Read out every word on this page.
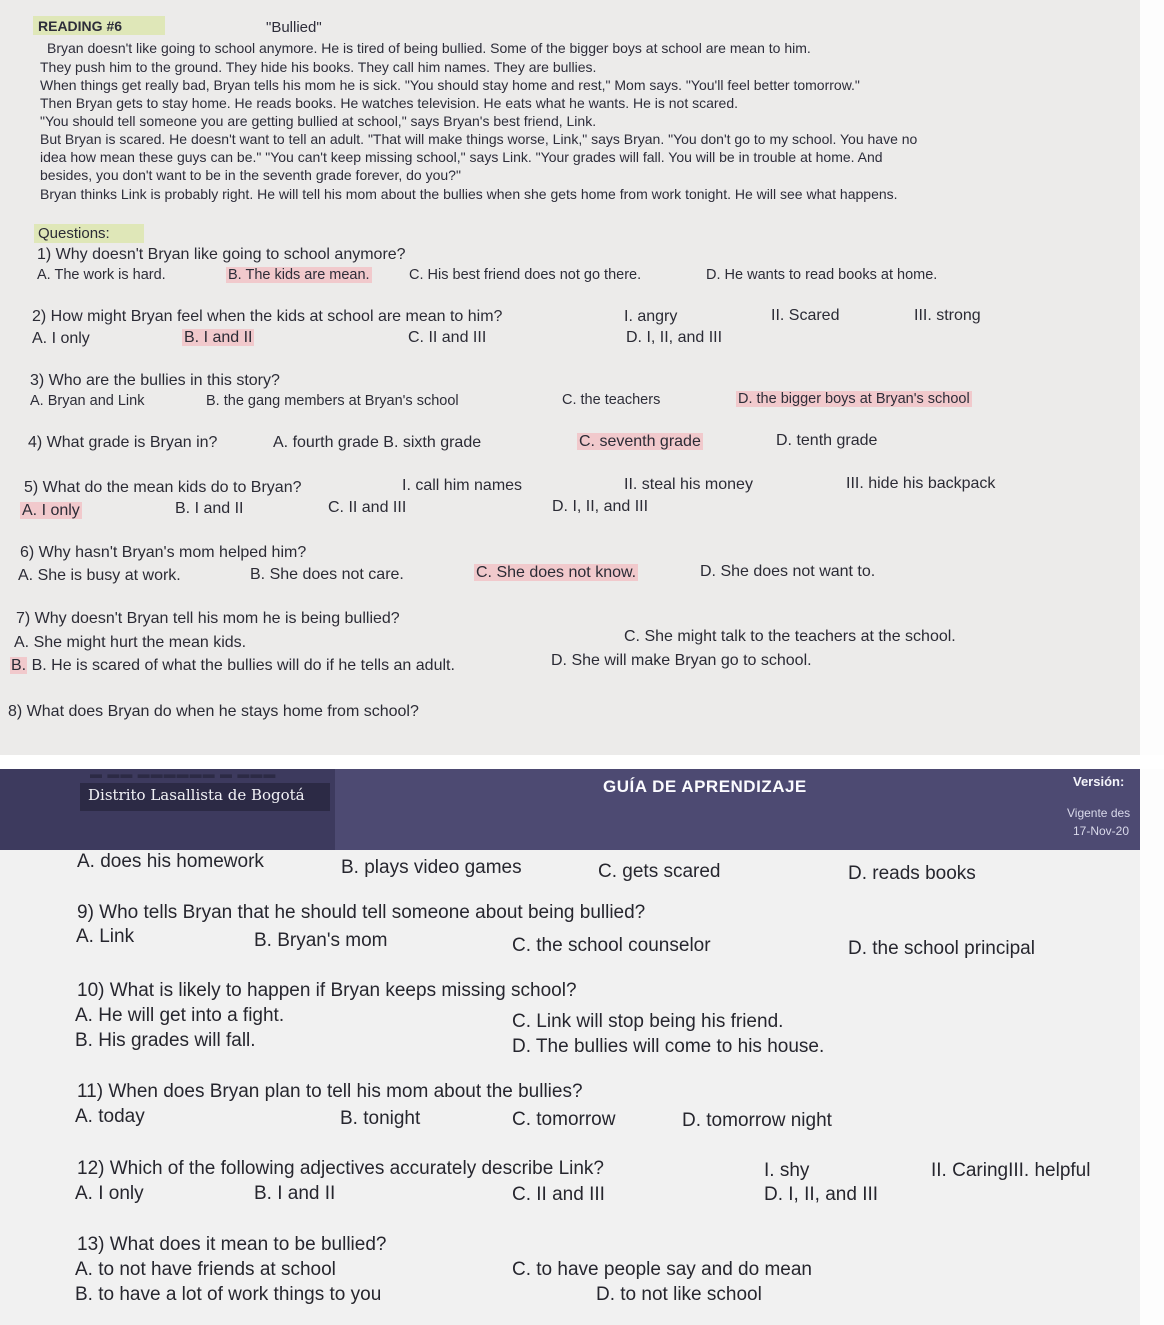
READING #6	"Bullied"
Bryan doesn't like going to school anymore. He is tired of being bullied. Some of the bigger boys at school are mean to him.
They push him to the ground. They hide his books. They call him names. They are bullies.
When things get really bad, Bryan tells his mom he is sick. "You should stay home and rest," Mom says. "You'll feel better tomorrow."
Then Bryan gets to stay home. He reads books. He watches television. He eats what he wants. He is not scared.
"You should tell someone you are getting bullied at school," says Bryan's best friend, Link.
But Bryan is scared. He doesn't want to tell an adult. "That will make things worse, Link," says Bryan. "You don't go to my school. You have no
idea how mean these guys can be." "You can't keep missing school," says Link. "Your grades will fall. You will be in trouble at home. And
besides, you don't want to be in the seventh grade forever, do you?"
Bryan thinks Link is probably right. He will tell his mom about the bullies when she gets home from work tonight. He will see what happens.
Questions:
1) Why doesn't Bryan like going to school anymore?
A. The work is hard.	B. The kids are mean.	C. His best friend does not go there.	D. He wants to read books at home.
2) How might Bryan feel when the kids at school are mean to him?	I. angry	II. Scared	III. strong
A. I only	B. I and II	C. II and III	D. I, II, and III
3) Who are the bullies in this story?
A. Bryan and Link	B. the gang members at Bryan's school	C. the teachers	D. the bigger boys at Bryan's school
4) What grade is Bryan in?	A. fourth grade B. sixth grade	C. seventh grade	D. tenth grade
5) What do the mean kids do to Bryan?	I. call him names	II. steal his money	III. hide his backpack
A. I only	B. I and II	C. II and III	D. I, II, and III
6) Why hasn't Bryan's mom helped him?
A. She is busy at work.	B. She does not care.	C. She does not know.	D. She does not want to.
7) Why doesn't Bryan tell his mom he is being bullied?
A. She might hurt the mean kids.	C. She might talk to the teachers at the school.
B. B. He is scared of what the bullies will do if he tells an adult.	D. She will make Bryan go to school.
8) What does Bryan do when he stays home from school?
▬ ▬▬ ▬▬▬▬▬▬ ▬ ▬▬▬
Distrito Lasallista de Bogotá	GUÍA DE APRENDIZAJE	Versión:
Vigente des
17-Nov-20
A. does his homework	B. plays video games	C. gets scared	D. reads books
9) Who tells Bryan that he should tell someone about being bullied?
A. Link	B. Bryan's mom	C. the school counselor	D. the school principal
10) What is likely to happen if Bryan keeps missing school?
A. He will get into a fight.	C. Link will stop being his friend.
B. His grades will fall.	D. The bullies will come to his house.
11) When does Bryan plan to tell his mom about the bullies?
A. today	B. tonight	C. tomorrow	D. tomorrow night
12) Which of the following adjectives accurately describe Link?	I. shy	II. CaringIII. helpful
A. I only	B. I and II	C. II and III	D. I, II, and III
13) What does it mean to be bullied?
A. to not have friends at school	C. to have people say and do mean
B. to have a lot of work things to you	D. to not like school
